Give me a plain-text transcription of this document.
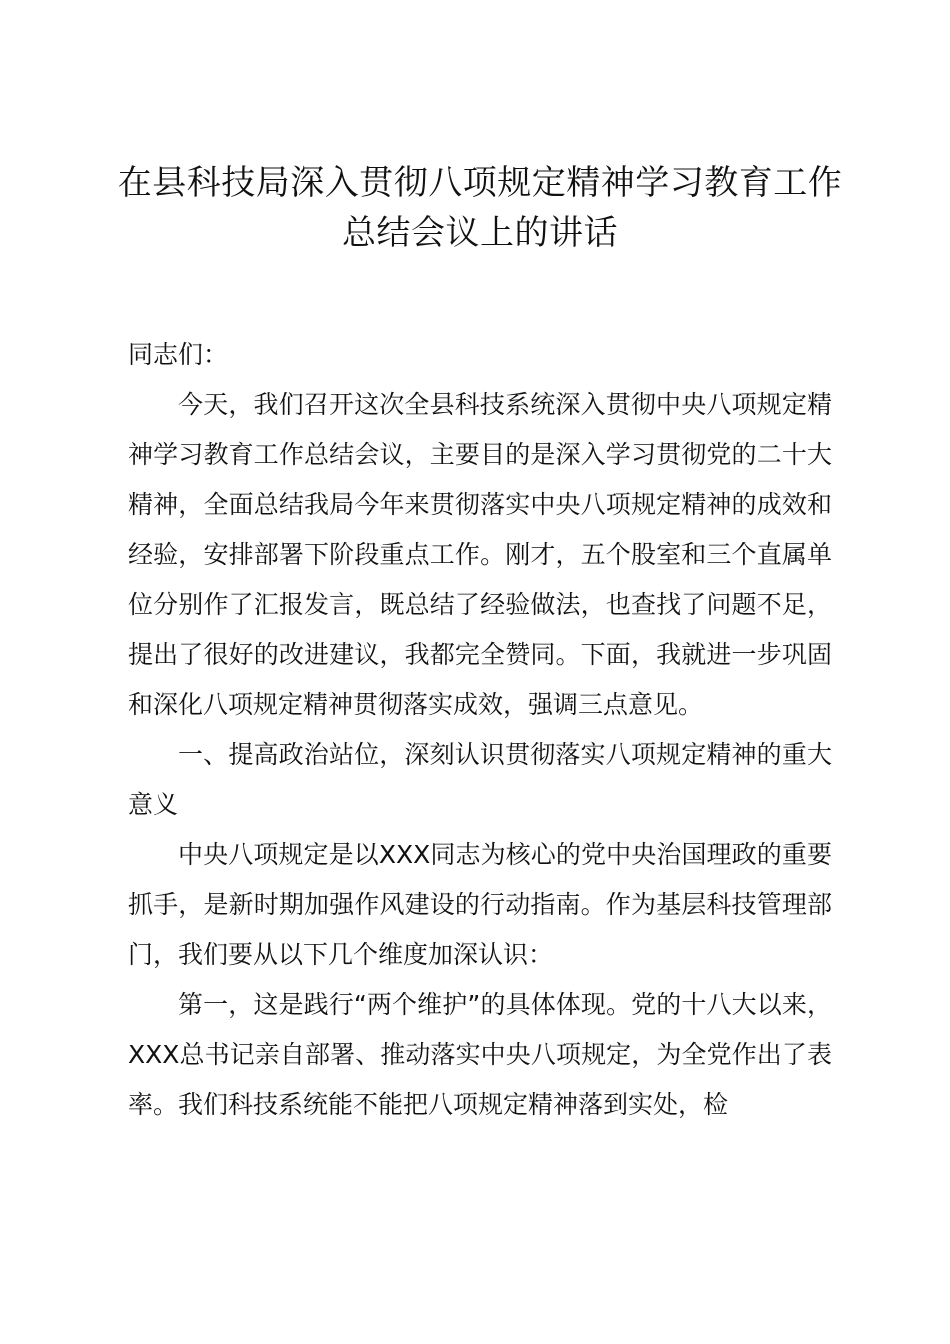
在县科技局深入贯彻八项规定精神学习教育工作总结会议上的讲话

同志们：

今天，我们召开这次全县科技系统深入贯彻中央八项规定精神学习教育工作总结会议，主要目的是深入学习贯彻党的二十大精神，全面总结我局今年来贯彻落实中央八项规定精神的成效和经验，安排部署下阶段重点工作。刚才，五个股室和三个直属单位分别作了汇报发言，既总结了经验做法，也查找了问题不足，提出了很好的改进建议，我都完全赞同。下面，我就进一步巩固和深化八项规定精神贯彻落实成效，强调三点意见。

一、提高政治站位，深刻认识贯彻落实八项规定精神的重大意义

中央八项规定是以XXX同志为核心的党中央治国理政的重要抓手，是新时期加强作风建设的行动指南。作为基层科技管理部门，我们要从以下几个维度加深认识：

第一，这是践行“两个维护”的具体体现。党的十八大以来，XXX总书记亲自部署、推动落实中央八项规定，为全党作出了表率。我们科技系统能不能把八项规定精神落到实处，检
